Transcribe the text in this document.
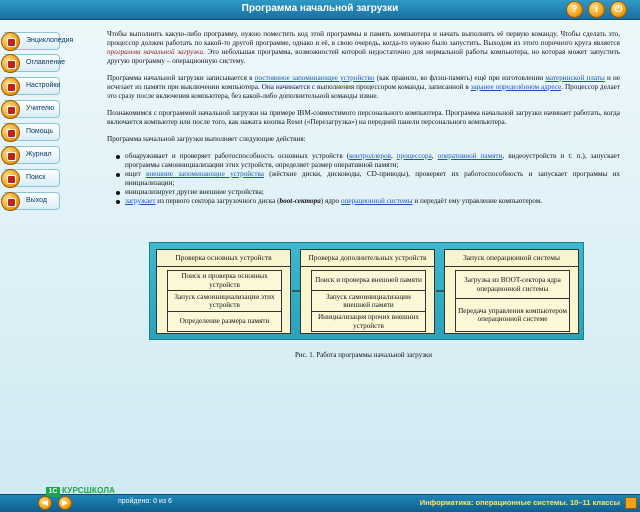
Программа начальной загрузки	?	i	⏻
Энциклопедия
Оглавление
Настройки
Учителю
Помощь
Журнал
Поиск
Выход

Чтобы выполнить какую-либо программу, нужно поместить код этой программы в память компьютера и начать выполнять её первую команду. Чтобы сделать это, процессор должен работать по какой-то другой программе, однако и её, в свою очередь, когда-то нужно было запустить. Выходом из этого порочного круга является программа начальной загрузки. Это небольшая программа, возможностей которой недостаточно для нормальной работы компьютера, но которая может запустить другую программу – операционную систему.

Программа начальной загрузки записывается в постоянное запоминающее устройство (как правило, во флэш-память) ещё при изготовлении материнской платы и не исчезает из памяти при выключении компьютера. Она начинается с выполнения процессором команды, записанной в заранее определённом адресе. Процессор делает это сразу после включения компьютера, без какой-либо дополнительной команды извне.

Познакомимся с программой начальной загрузки на примере IBM-совместимого персонального компьютера. Программа начальной загрузки начинает работать, когда включается компьютер или после того, как нажата кнопка Reset («Перезагрузка») на передней панели персонального компьютера.

Программа начальной загрузки выполняет следующие действия:

обнаруживает и проверяет работоспособность основных устройств (контроллеров, процессора, оперативной памяти, видеоустройств и т. п.), запускает программы самоинициализации этих устройств, определяет размер оперативной памяти;
ищет внешние запоминающие устройства (жёсткие диски, дисководы, CD-приводы), проверяет их работоспособность и запускает программы их инициализации;
инициализирует другие внешние устройства;
загружает из первого сектора загрузочного диска (boot-сектора) ядро операционной системы и передаёт ему управление компьютером.
Проверка основных устройств
Поиск и проверка основных устройств
Запуск самоинициализации этих устройств
Определение размера памяти
Проверка дополнительных устройств
Поиск и проверка внешней памяти
Запуск самоинициализации внешней памяти
Инициализация прочих внешних устройств
Запуск операционной системы
Загрузка из BOOT-сектора ядра операционной системы
Передача управления компьютером операционной системе
Рис. 1. Работа программы начальной загрузки
1С КУРСШКОЛА
◀	▶	пройдено: 0 из 6	Информатика: операционные системы. 10–11 классы
